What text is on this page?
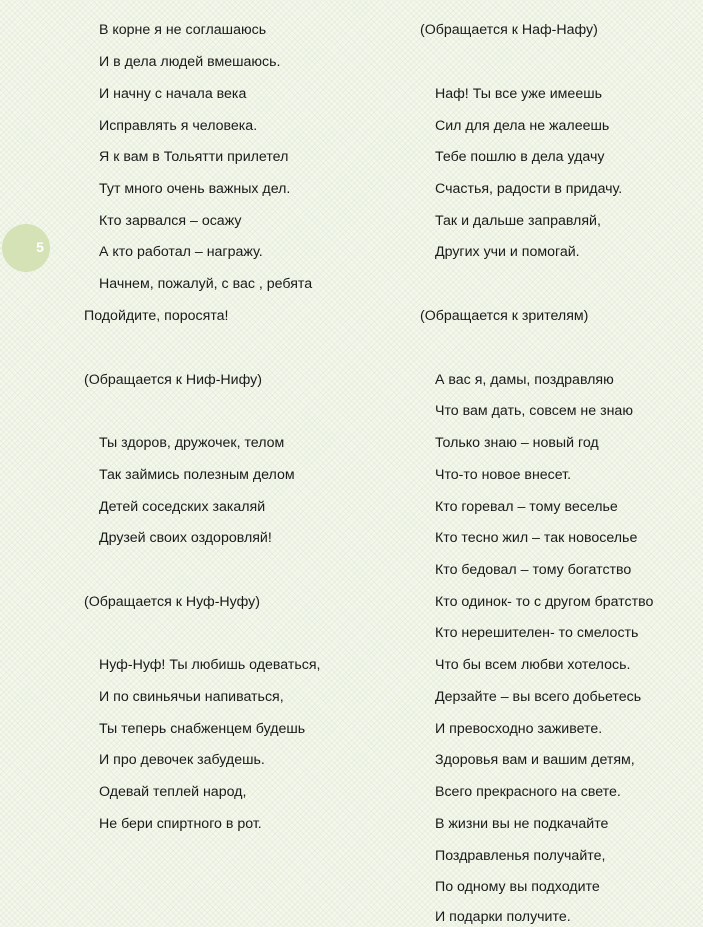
5
В корне я не соглашаюсь
И в дела людей вмешаюсь.
И начну с начала века
Исправлять я человека.
Я к вам в Тольятти прилетел
Тут много очень важных дел.
Кто зарвался – осажу
А кто работал – награжу.
Начнем, пожалуй, с вас , ребята
Подойдите, поросята!
(Обращается к Ниф-Нифу)
Ты здоров, дружочек, телом
Так займись полезным делом
Детей соседских закаляй
Друзей своих оздоровляй!
(Обращается к Нуф-Нуфу)
Нуф-Нуф! Ты любишь одеваться,
И по свиньячьи напиваться,
Ты теперь снабженцем будешь
И про девочек забудешь.
Одевай теплей народ,
Не бери спиртного в рот.
(Обращается к Наф-Нафу)
Наф! Ты все уже имеешь
Сил для дела не жалеешь
Тебе пошлю в дела удачу
Счастья, радости в придачу.
Так и дальше заправляй,
Других учи и помогай.
(Обращается к зрителям)
А вас я, дамы, поздравляю
Что вам дать, совсем не знаю
Только знаю – новый год
Что-то новое внесет.
Кто горевал – тому веселье
Кто тесно жил – так новоселье
Кто бедовал – тому богатство
Кто одинок- то с другом братство
Кто нерешителен- то смелость
Что бы всем любви хотелось.
Дерзайте – вы всего добьетесь
И превосходно заживете.
Здоровья вам и вашим детям,
Всего прекрасного на свете.
В жизни вы не подкачайте
Поздравленья получайте,
По одному вы подходите
И подарки получите.
